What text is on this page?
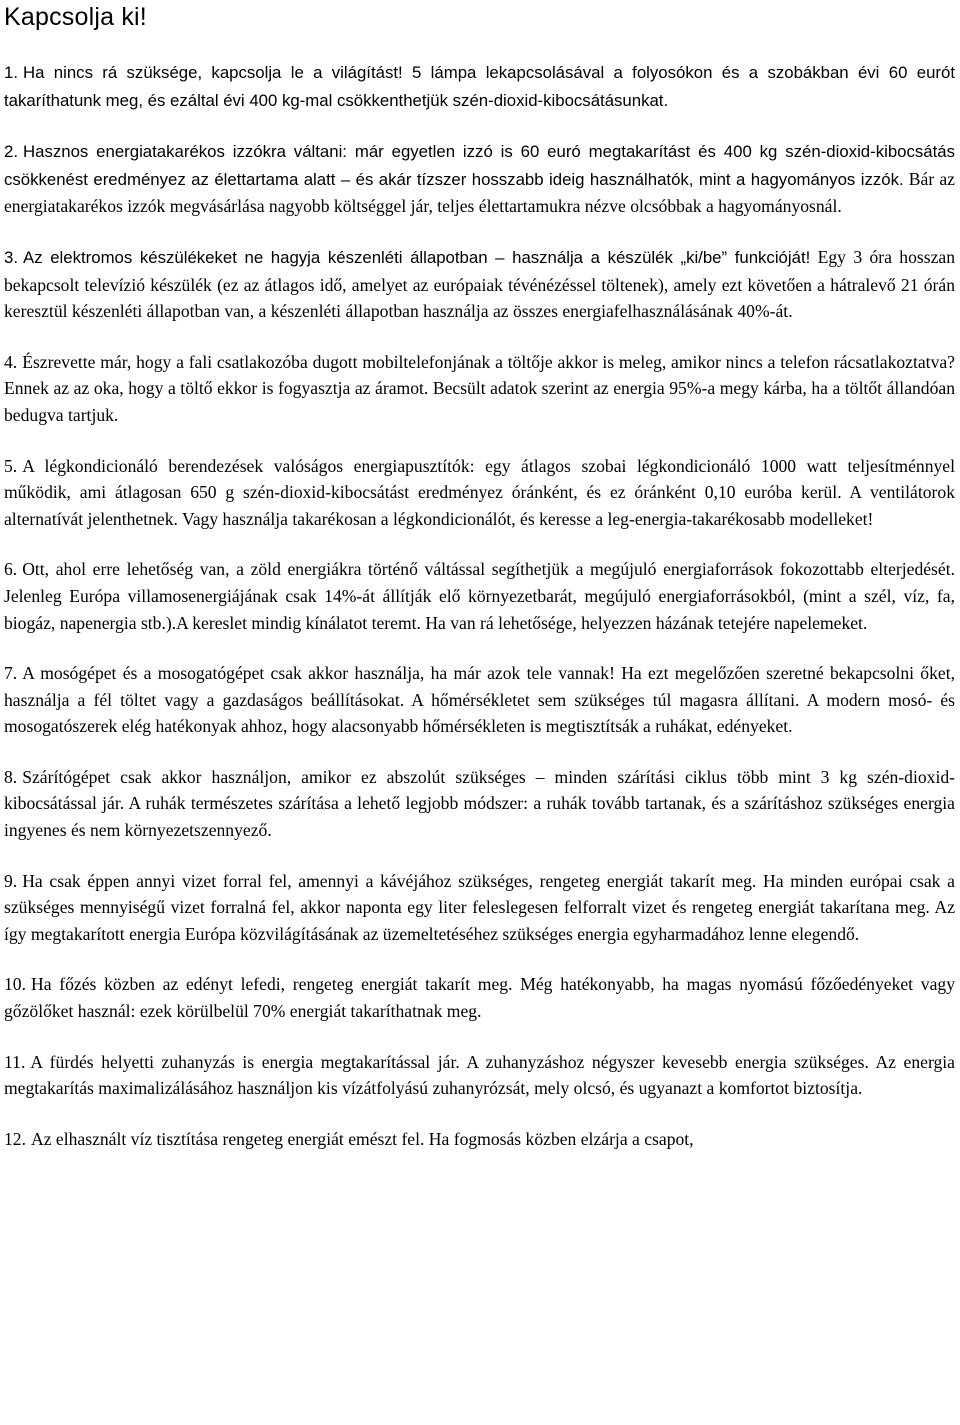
Kapcsolja ki!

1. Ha nincs rá szüksége, kapcsolja le a világítást! 5 lámpa lekapcsolásával a folyosókon és a szobákban évi 60 eurót takaríthatunk meg, és ezáltal évi 400 kg-mal csökkenthetjük szén-dioxid-kibocsátásunkat.

2. Hasznos energiatakarékos izzókra váltani: már egyetlen izzó is 60 euró megtakarítást és 400 kg szén-dioxid-kibocsátás csökkenést eredményez az élettartama alatt – és akár tízszer hosszabb ideig használhatók, mint a hagyományos izzók. Bár az energiatakarékos izzók megvásárlása nagyobb költséggel jár, teljes élettartamukra nézve olcsóbbak a hagyományosnál.

3. Az elektromos készülékeket ne hagyja készenléti állapotban – használja a készülék „ki/be” funkcióját! Egy 3 óra hosszan bekapcsolt televízió készülék (ez az átlagos idő, amelyet az európaiak tévénézéssel töltenek), amely ezt követően a hátralevő 21 órán keresztül készenléti állapotban van, a készenléti állapotban használja az összes energiafelhasználásának 40%-át.

4. Észrevette már, hogy a fali csatlakozóba dugott mobiltelefonjának a töltője akkor is meleg, amikor nincs a telefon rácsatlakoztatva? Ennek az az oka, hogy a töltő ekkor is fogyasztja az áramot. Becsült adatok szerint az energia 95%-a megy kárba, ha a töltőt állandóan bedugva tartjuk.

5. A légkondicionáló berendezések valóságos energiapusztítók: egy átlagos szobai légkondicionáló 1000 watt teljesítménnyel működik, ami átlagosan 650 g szén-dioxid-kibocsátást eredményez óránként, és ez óránként 0,10 euróba kerül. A ventilátorok alternatívát jelenthetnek. Vagy használja takarékosan a légkondicionálót, és keresse a leg-energia-takarékosabb modelleket!

6. Ott, ahol erre lehetőség van, a zöld energiákra történő váltással segíthetjük a megújuló energiaforrások fokozottabb elterjedését. Jelenleg Európa villamosenergiájának csak 14%-át állítják elő környezetbarát, megújuló energiaforrásokból, (mint a szél, víz, fa, biogáz, napenergia stb.).A kereslet mindig kínálatot teremt. Ha van rá lehetősége, helyezzen házának tetejére napelemeket.

7. A mosógépet és a mosogatógépet csak akkor használja, ha már azok tele vannak! Ha ezt megelőzően szeretné bekapcsolni őket, használja a fél töltet vagy a gazdaságos beállításokat. A hőmérsékletet sem szükséges túl magasra állítani. A modern mosó- és mosogatószerek elég hatékonyak ahhoz, hogy alacsonyabb hőmérsékleten is megtisztítsák a ruhákat, edényeket.

8. Szárítógépet csak akkor használjon, amikor ez abszolút szükséges – minden szárítási ciklus több mint 3 kg szén-dioxid-kibocsátással jár. A ruhák természetes szárítása a lehető legjobb módszer: a ruhák tovább tartanak, és a szárításhoz szükséges energia ingyenes és nem környezetszennyező.

9. Ha csak éppen annyi vizet forral fel, amennyi a kávéjához szükséges, rengeteg energiát takarít meg. Ha minden európai csak a szükséges mennyiségű vizet forralná fel, akkor naponta egy liter feleslegesen felforralt vizet és rengeteg energiát takarítana meg. Az így megtakarított energia Európa közvilágításának az üzemeltetéséhez szükséges energia egyharmadához lenne elegendő.

10. Ha főzés közben az edényt lefedi, rengeteg energiát takarít meg. Még hatékonyabb, ha magas nyomású főzőedényeket vagy gőzölőket használ: ezek körülbelül 70% energiát takaríthatnak meg.

11. A fürdés helyetti zuhanyzás is energia megtakarítással jár. A zuhanyzáshoz négyszer kevesebb energia szükséges. Az energia megtakarítás maximalizálásához használjon kis vízátfolyású zuhanyrózsát, mely olcsó, és ugyanazt a komfortot biztosítja.

12. Az elhasznált víz tisztítása rengeteg energiát emészt fel. Ha fogmosás közben elzárja a csapot,
